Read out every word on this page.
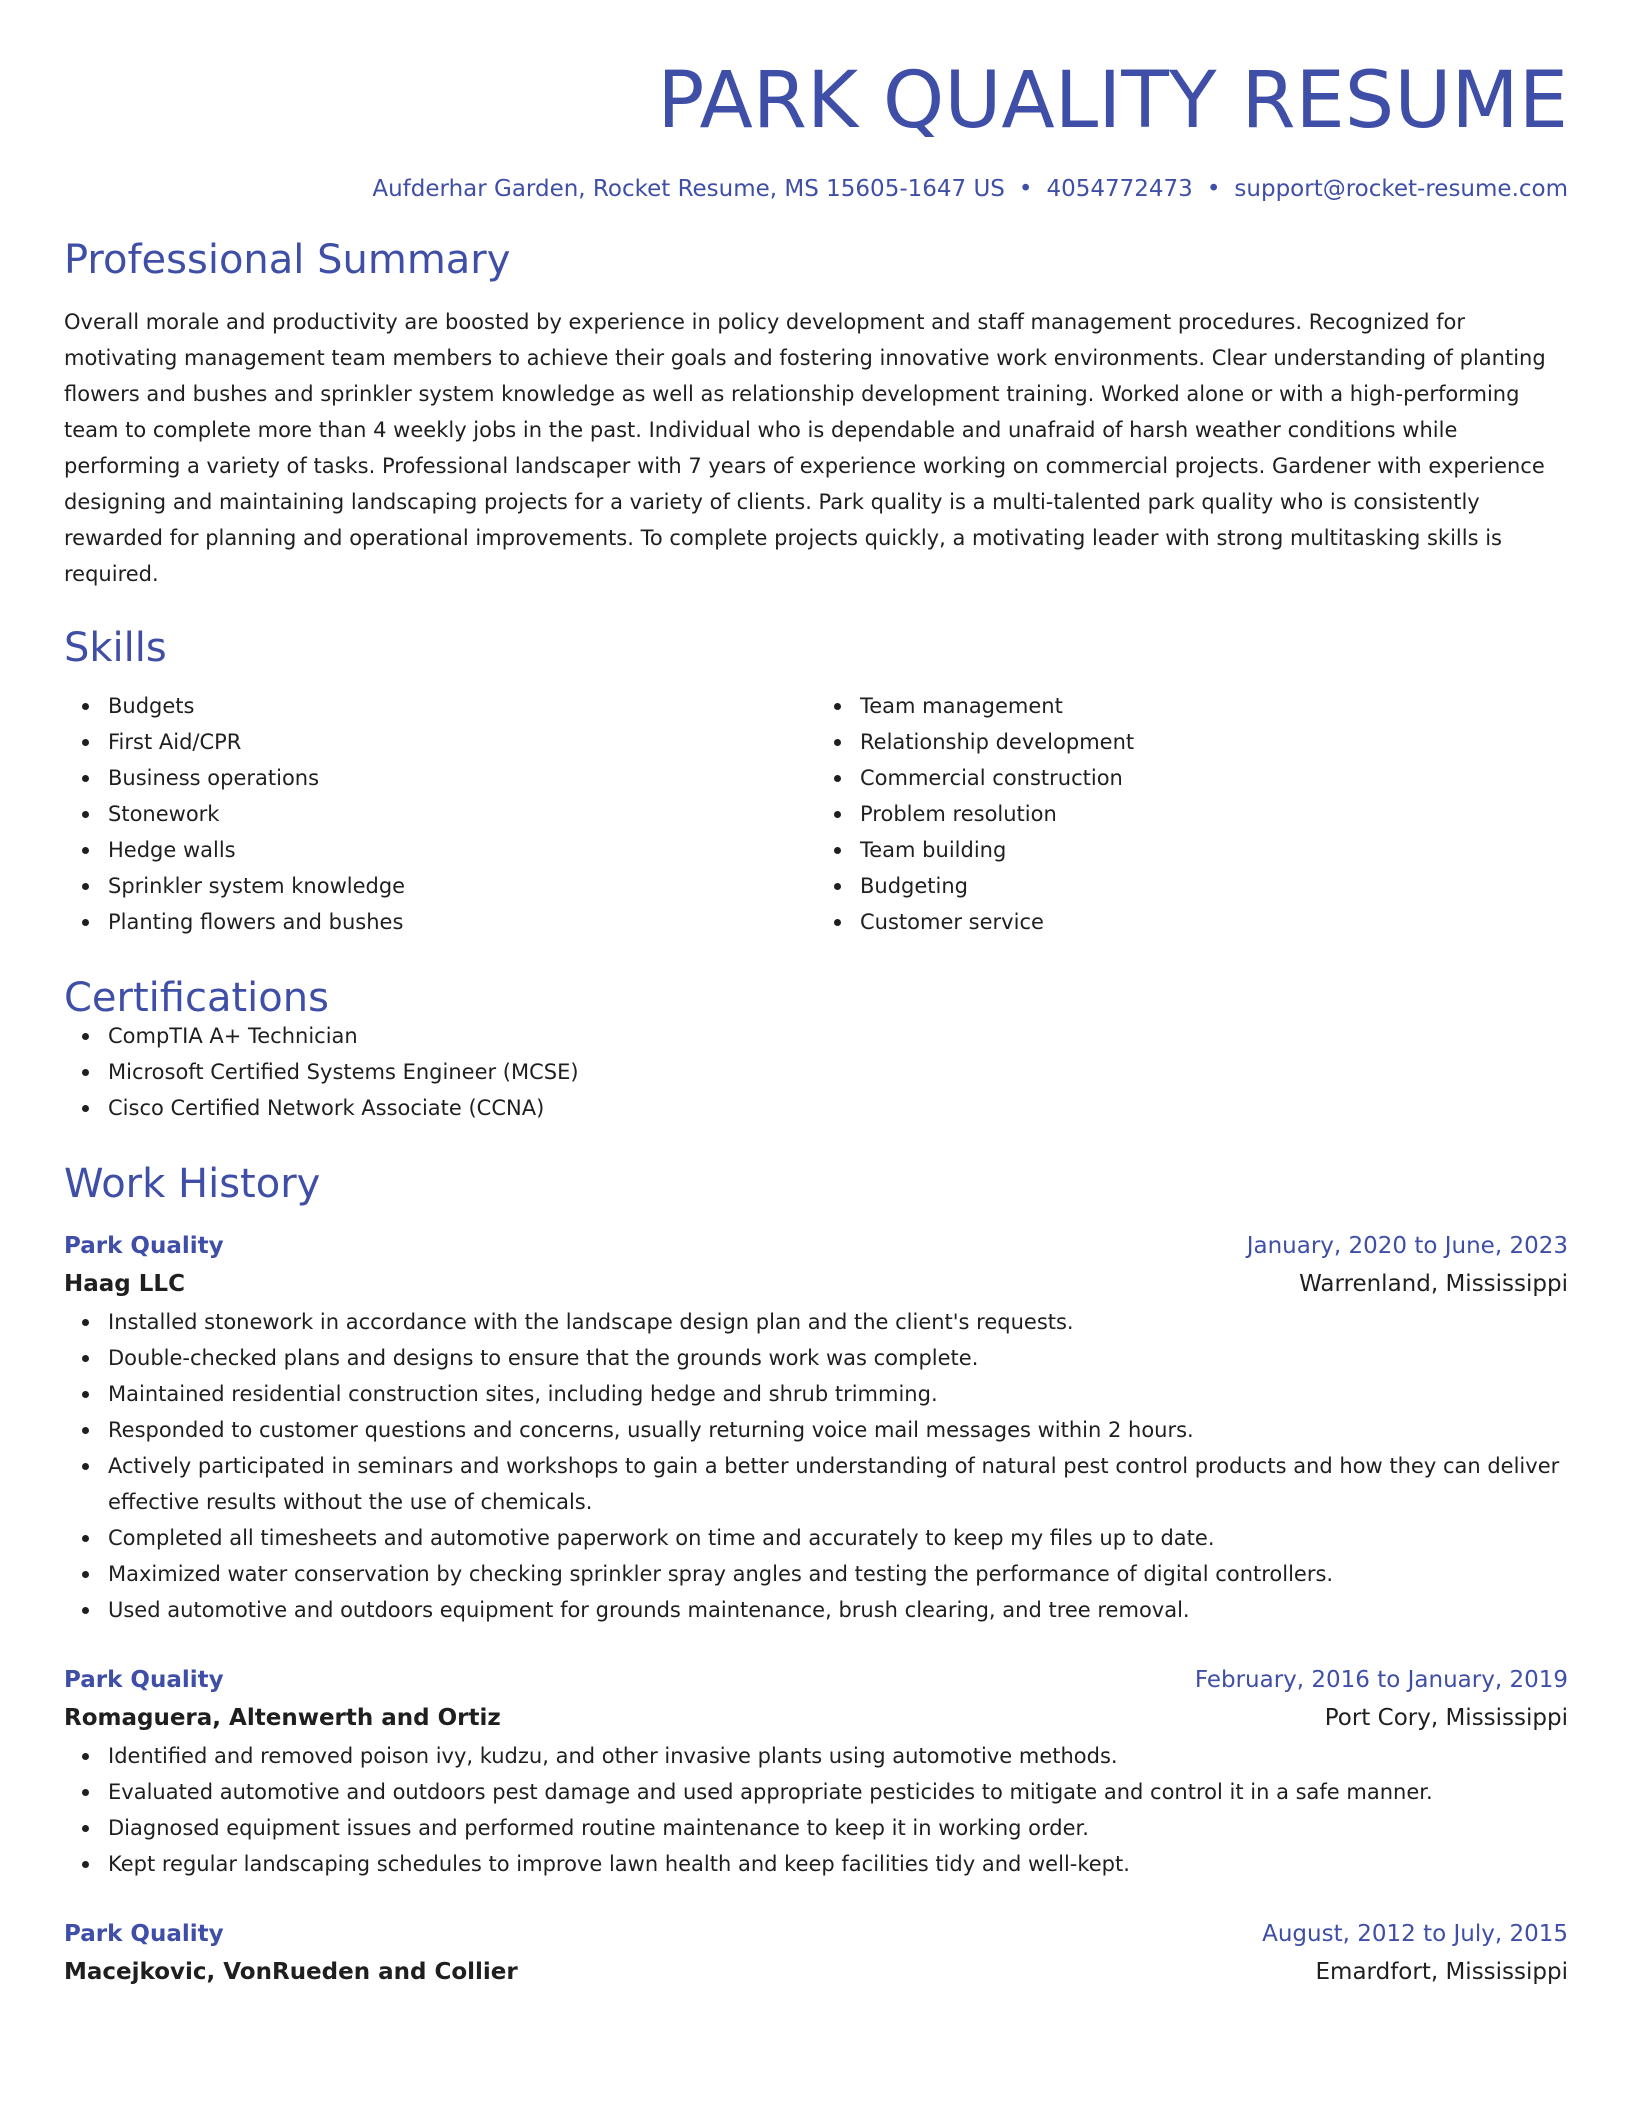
PARK QUALITY RESUME
Aufderhar Garden, Rocket Resume, MS 15605-1647 US • 4054772473 • support@rocket-resume.com
Professional Summary
Overall morale and productivity are boosted by experience in policy development and staff management procedures. Recognized for motivating management team members to achieve their goals and fostering innovative work environments. Clear understanding of planting flowers and bushes and sprinkler system knowledge as well as relationship development training. Worked alone or with a high-performing team to complete more than 4 weekly jobs in the past. Individual who is dependable and unafraid of harsh weather conditions while performing a variety of tasks. Professional landscaper with 7 years of experience working on commercial projects. Gardener with experience designing and maintaining landscaping projects for a variety of clients. Park quality is a multi-talented park quality who is consistently rewarded for planning and operational improvements. To complete projects quickly, a motivating leader with strong multitasking skills is required.
Skills
Budgets
First Aid/CPR
Business operations
Stonework
Hedge walls
Sprinkler system knowledge
Planting flowers and bushes
Team management
Relationship development
Commercial construction
Problem resolution
Team building
Budgeting
Customer service
Certifications
CompTIA A+ Technician
Microsoft Certified Systems Engineer (MCSE)
Cisco Certified Network Associate (CCNA)
Work History
Park Quality	January, 2020 to June, 2023
Haag LLC	Warrenland, Mississippi
Installed stonework in accordance with the landscape design plan and the client's requests.
Double-checked plans and designs to ensure that the grounds work was complete.
Maintained residential construction sites, including hedge and shrub trimming.
Responded to customer questions and concerns, usually returning voice mail messages within 2 hours.
Actively participated in seminars and workshops to gain a better understanding of natural pest control products and how they can deliver effective results without the use of chemicals.
Completed all timesheets and automotive paperwork on time and accurately to keep my files up to date.
Maximized water conservation by checking sprinkler spray angles and testing the performance of digital controllers.
Used automotive and outdoors equipment for grounds maintenance, brush clearing, and tree removal.
Park Quality	February, 2016 to January, 2019
Romaguera, Altenwerth and Ortiz	Port Cory, Mississippi
Identified and removed poison ivy, kudzu, and other invasive plants using automotive methods.
Evaluated automotive and outdoors pest damage and used appropriate pesticides to mitigate and control it in a safe manner.
Diagnosed equipment issues and performed routine maintenance to keep it in working order.
Kept regular landscaping schedules to improve lawn health and keep facilities tidy and well-kept.
Park Quality	August, 2012 to July, 2015
Macejkovic, VonRueden and Collier	Emardfort, Mississippi
